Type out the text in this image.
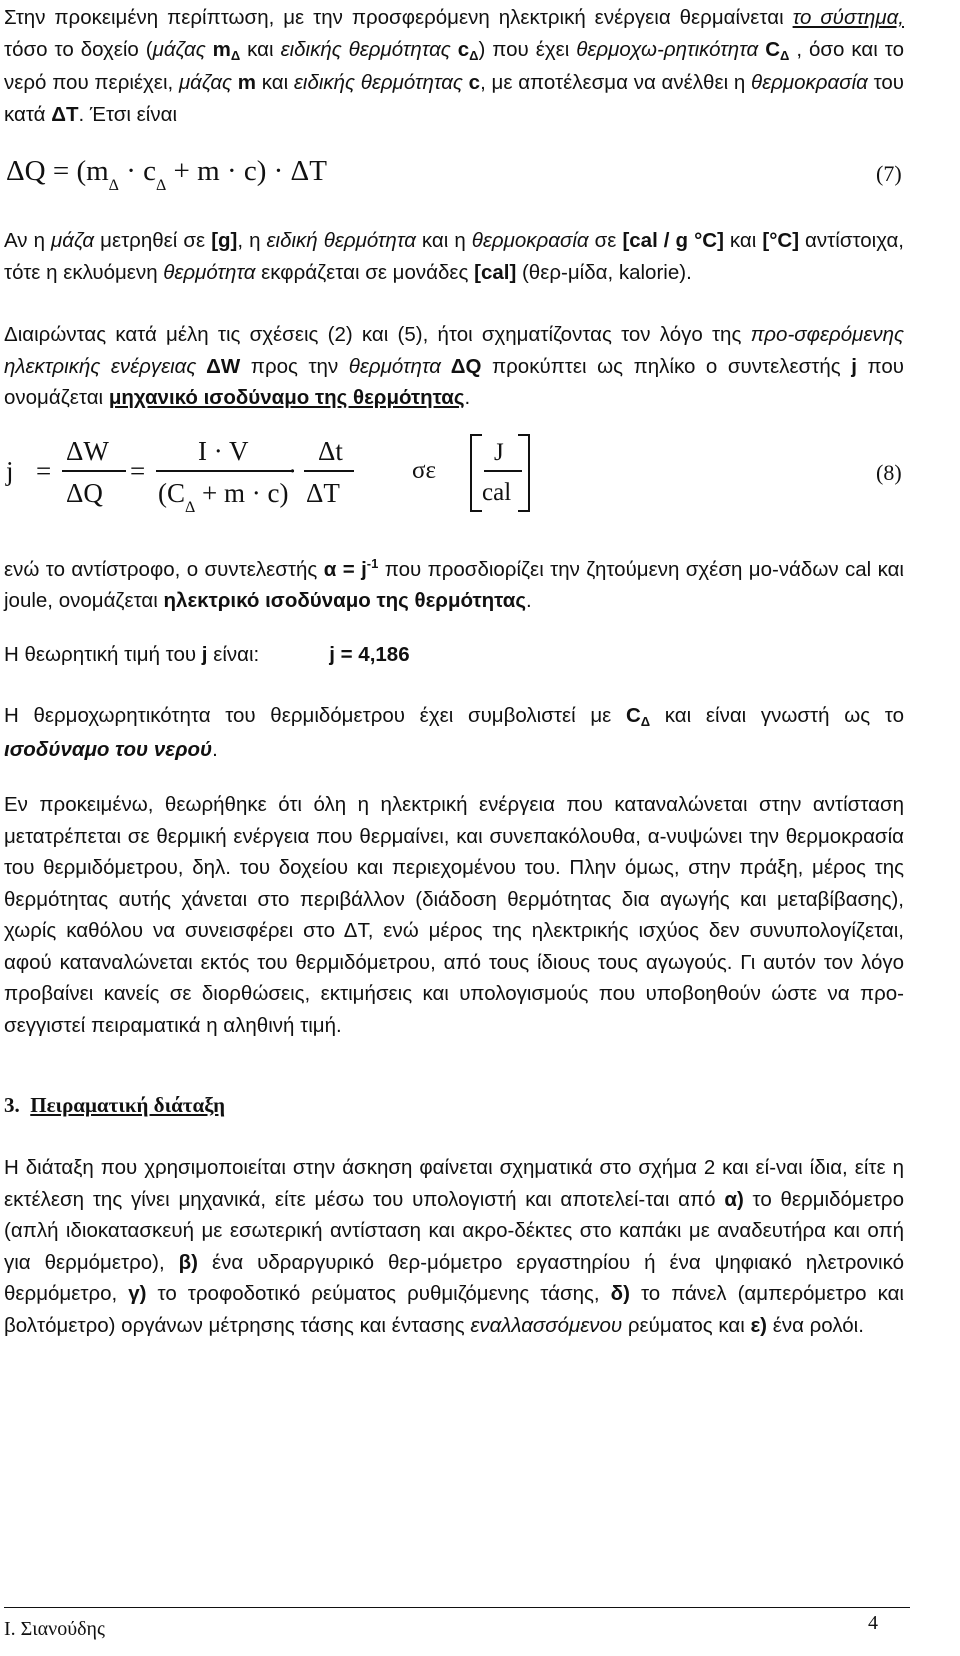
Στην προκειμένη περίπτωση, με την προσφερόμενη ηλεκτρική ενέργεια θερμαίνεται το σύστημα, τόσο το δοχείο (μάζας mΔ και ειδικής θερμότητας cΔ) που έχει θερμοχω-ρητικότητα CΔ , όσο και το νερό που περιέχει, μάζας m και ειδικής θερμότητας c, με αποτέλεσμα να ανέλθει η θερμοκρασία του κατά ΔT. Έτσι είναι
$\Delta Q = (m_\Delta \cdot c_\Delta + m \cdot c) \cdot \Delta T$	(7)
Αν η μάζα μετρηθεί σε [g], η ειδική θερμότητα και η θερμοκρασία σε [cal / g °C] και [°C] αντίστοιχα, τότε η εκλυόμενη θερμότητα εκφράζεται σε μονάδες [cal] (θερ-μίδα, kalorie).
Διαιρώντας κατά μέλη τις σχέσεις (2) και (5), ήτοι σχηματίζοντας τον λόγο της προ-σφερόμενης ηλεκτρικής ενέργειας ΔW προς την θερμότητα ΔQ προκύπτει ως πηλίκο ο συντελεστής j που ονομάζεται μηχανικό ισοδύναμο της θερμότητας.
j =
ΔW
ΔQ
=
I · V
$(C_\Delta + m \cdot c)$
·
Δt
ΔT
σε
J
cal
(8)
ενώ το αντίστροφο, ο συντελεστής $\alpha = j^{-1}$ που προσδιορίζει την ζητούμενη σχέση μο-νάδων cal και joule, ονομάζεται ηλεκτρικό ισοδύναμο της θερμότητας.
Η θεωρητική τιμή του j είναι:	j = 4,186
Η θερμοχωρητικότητα του θερμιδόμετρου έχει συμβολιστεί με CΔ και είναι γνωστή ως το ισοδύναμο του νερού.
Εν προκειμένω, θεωρήθηκε ότι όλη η ηλεκτρική ενέργεια που καταναλώνεται στην αντίσταση μετατρέπεται σε θερμική ενέργεια που θερμαίνει, και συνεπακόλουθα, α-νυψώνει την θερμοκρασία του θερμιδόμετρου, δηλ. του δοχείου και περιεχομένου του. Πλην όμως, στην πράξη, μέρος της θερμότητας αυτής χάνεται στο περιβάλλον (διάδοση θερμότητας δια αγωγής και μεταβίβασης), χωρίς καθόλου να συνεισφέρει στο ΔT, ενώ μέρος της ηλεκτρικής ισχύος δεν συνυπολογίζεται, αφού καταναλώνεται εκτός του θερμιδόμετρου, από τους ίδιους τους αγωγούς. Γι αυτόν τον λόγο προβαίνει κανείς σε διορθώσεις, εκτιμήσεις και υπολογισμούς που υποβοηθούν ώστε να προ-σεγγιστεί πειραματικά η αληθινή τιμή.
3. Πειραματική διάταξη
Η διάταξη που χρησιμοποιείται στην άσκηση φαίνεται σχηματικά στο σχήμα 2 και εί-ναι ίδια, είτε η εκτέλεση της γίνει μηχανικά, είτε μέσω του υπολογιστή και αποτελεί-ται από α) το θερμιδόμετρο (απλή ιδιοκατασκευή με εσωτερική αντίσταση και ακρο-δέκτες στο καπάκι με αναδευτήρα και οπή για θερμόμετρο), β) ένα υδραργυρικό θερ-μόμετρο εργαστηρίου ή ένα ψηφιακό ηλετρονικό θερμόμετρο, γ) το τροφοδοτικό ρεύματος ρυθμιζόμενης τάσης, δ) το πάνελ (αμπερόμετρο και βολτόμετρο) οργάνων μέτρησης τάσης και έντασης εναλλασσόμενου ρεύματος και ε) ένα ρολόι.
Ι. Σιανούδης	4
